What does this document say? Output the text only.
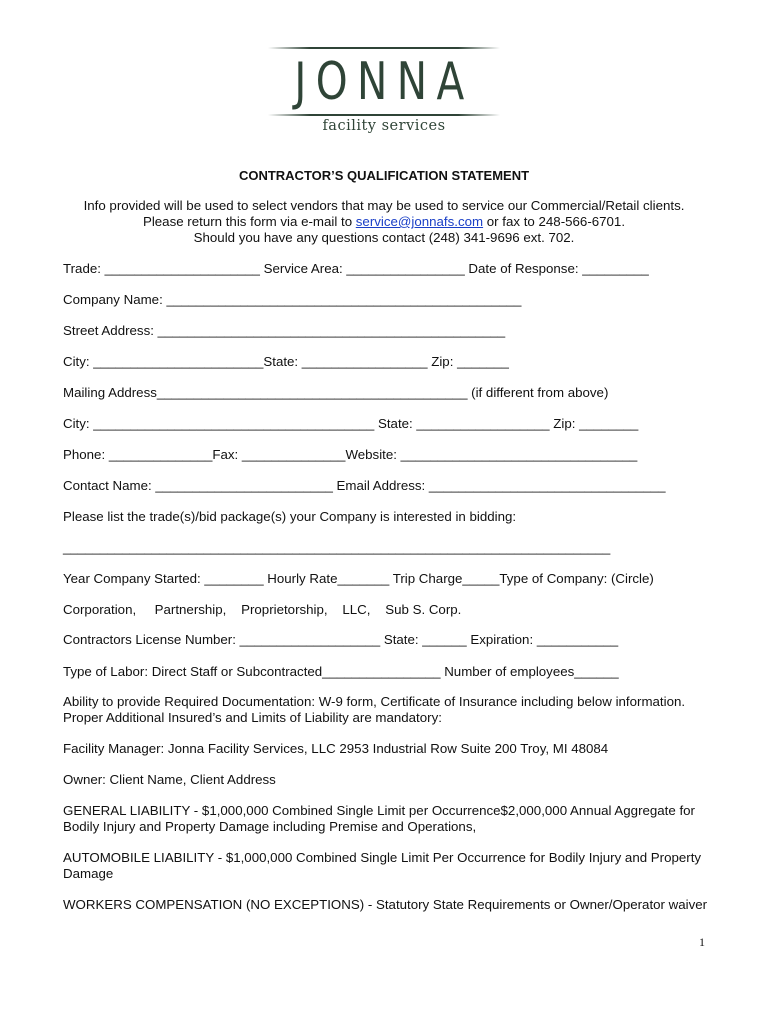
JONNA
facility services
CONTRACTOR’S QUALIFICATION STATEMENT
Info provided will be used to select vendors that may be used to service our Commercial/Retail clients.
Please return this form via e-mail to service@jonnafs.com or fax to 248-566-6701.
Should you have any questions contact (248) 341-9696 ext. 702.
Trade: _____________________ Service Area: ________________ Date of Response: _________
Company Name: ________________________________________________
Street Address: _______________________________________________
City: _______________________State: _________________ Zip: _______
Mailing Address__________________________________________ (if different from above)
City: ______________________________________ State: __________________ Zip: ________
Phone: ______________Fax: ______________Website: ________________________________
Contact Name: ________________________ Email Address: ________________________________
Please list the trade(s)/bid package(s) your Company is interested in bidding:
__________________________________________________________________________
Year Company Started: ________ Hourly Rate_______ Trip Charge_____Type of Company: (Circle)
Corporation,     Partnership,    Proprietorship,    LLC,    Sub S. Corp.
Contractors License Number: ___________________ State: ______ Expiration: ___________
Type of Labor: Direct Staff or Subcontracted________________ Number of employees______
Ability to provide Required Documentation: W-9 form, Certificate of Insurance including below information. Proper Additional Insured’s and Limits of Liability are mandatory:
Facility Manager: Jonna Facility Services, LLC 2953 Industrial Row Suite 200 Troy, MI 48084
Owner: Client Name, Client Address
GENERAL LIABILITY - $1,000,000 Combined Single Limit per Occurrence$2,000,000 Annual Aggregate for Bodily Injury and Property Damage including Premise and Operations,
AUTOMOBILE LIABILITY - $1,000,000 Combined Single Limit Per Occurrence for Bodily Injury and Property Damage
WORKERS COMPENSATION (NO EXCEPTIONS) - Statutory State Requirements or Owner/Operator waiver
1
